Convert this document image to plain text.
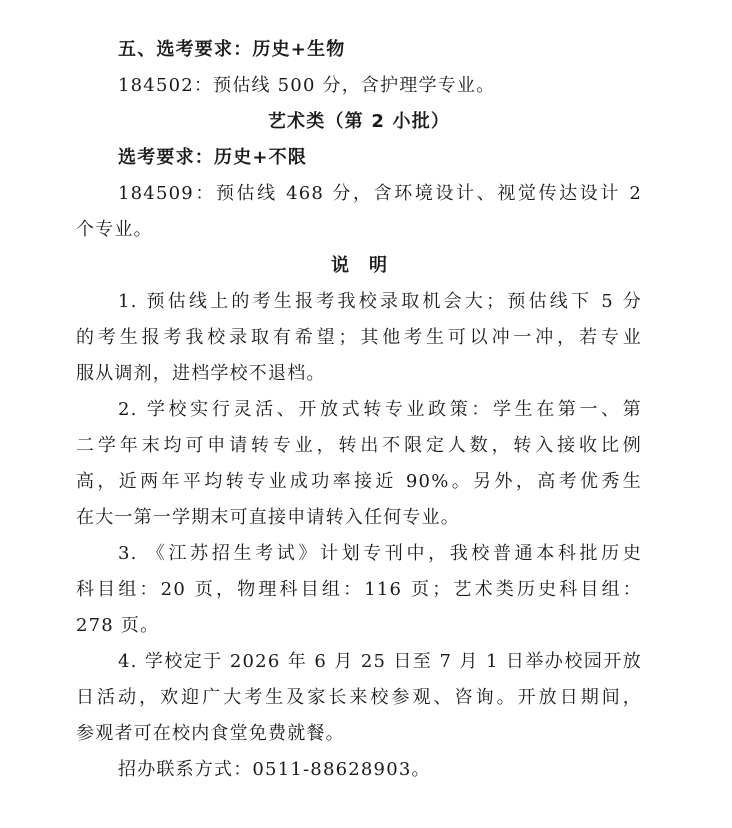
五、选考要求：历史+生物
184502：预估线 500 分，含护理学专业。
艺术类（第 2 小批）
选考要求：历史+不限
184509：预估线 468 分，含环境设计、视觉传达设计 2
个专业。
说明
1. 预估线上的考生报考我校录取机会大；预估线下 5 分
的考生报考我校录取有希望；其他考生可以冲一冲，若专业
服从调剂，进档学校不退档。
2. 学校实行灵活、开放式转专业政策：学生在第一、第
二学年末均可申请转专业，转出不限定人数，转入接收比例
高，近两年平均转专业成功率接近 90%。另外，高考优秀生
在大一第一学期末可直接申请转入任何专业。
3. 《江苏招生考试》计划专刊中，我校普通本科批历史
科目组：20 页，物理科目组：116 页；艺术类历史科目组：
278 页。
4. 学校定于 2026 年 6 月 25 日至 7 月 1 日举办校园开放
日活动，欢迎广大考生及家长来校参观、咨询。开放日期间，
参观者可在校内食堂免费就餐。
招办联系方式：0511-88628903。
